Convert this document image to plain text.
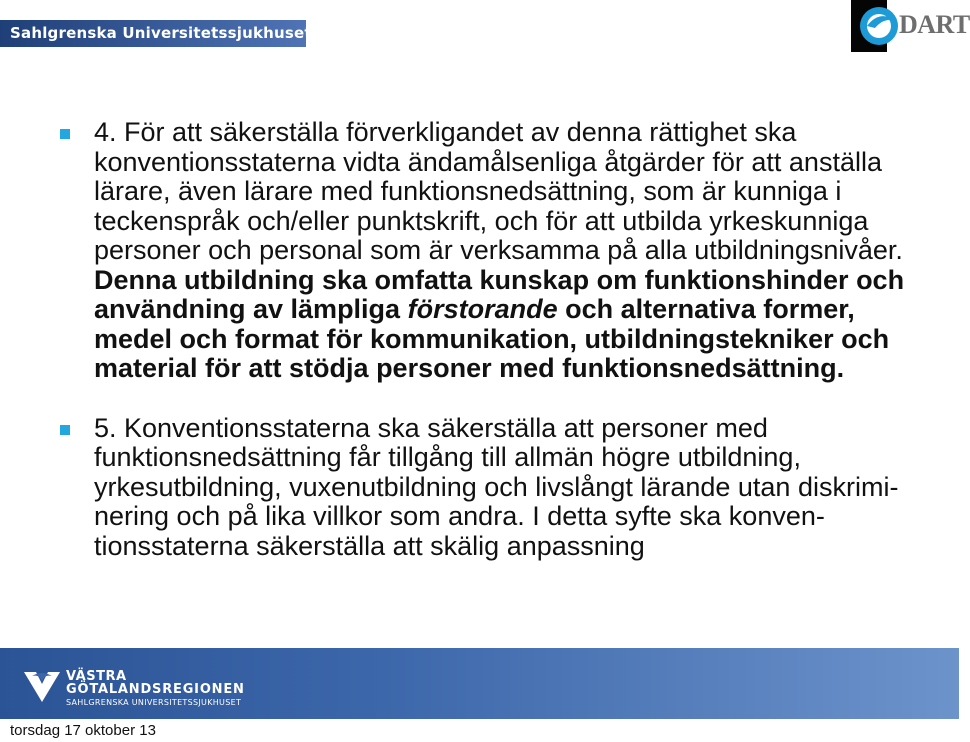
Sahlgrenska Universitetssjukhuset	DART
4. För att säkerställa förverkligandet av denna rättighet ska konventionsstaterna vidta ändamålsenliga åtgärder för att anställa lärare, även lärare med funktionsnedsättning, som är kunniga i teckenspråk och/eller punktskrift, och för att utbilda yrkeskunniga personer och personal som är verksamma på alla utbildningsnivåer. Denna utbildning ska omfatta kunskap om funktionshinder och användning av lämpliga förstorande och alternativa former, medel och format för kommunikation, utbildningstekniker och material för att stödja personer med funktionsnedsättning.
5. Konventionsstaterna ska säkerställa att personer med funktionsnedsättning får tillgång till allmän högre utbildning, yrkesutbildning, vuxenutbildning och livslångt lärande utan diskrimi-nering och på lika villkor som andra. I detta syfte ska konven-tionsstaterna säkerställa att skälig anpassning
VÄSTRA
GÖTALANDSREGIONEN
SAHLGRENSKA UNIVERSITETSSJUKHUSET
torsdag 17 oktober 13
